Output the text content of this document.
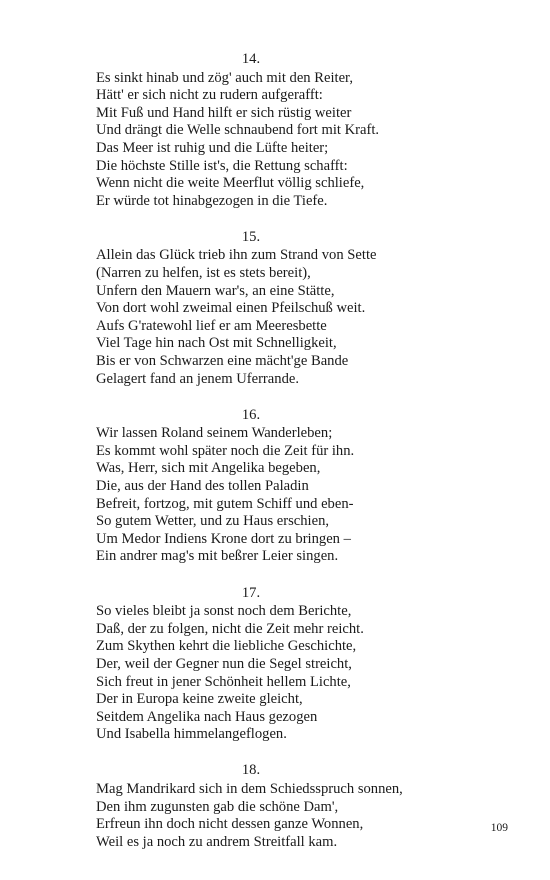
14.
Es sinkt hinab und zög' auch mit den Reiter,
Hätt' er sich nicht zu rudern aufgerafft:
Mit Fuß und Hand hilft er sich rüstig weiter
Und drängt die Welle schnaubend fort mit Kraft.
Das Meer ist ruhig und die Lüfte heiter;
Die höchste Stille ist's, die Rettung schafft:
Wenn nicht die weite Meerflut völlig schliefe,
Er würde tot hinabgezogen in die Tiefe.
15.
Allein das Glück trieb ihn zum Strand von Sette
(Narren zu helfen, ist es stets bereit),
Unfern den Mauern war's, an eine Stätte,
Von dort wohl zweimal einen Pfeilschuß weit.
Aufs G'ratewohl lief er am Meeresbette
Viel Tage hin nach Ost mit Schnelligkeit,
Bis er von Schwarzen eine mächt'ge Bande
Gelagert fand an jenem Uferrande.
16.
Wir lassen Roland seinem Wanderleben;
Es kommt wohl später noch die Zeit für ihn.
Was, Herr, sich mit Angelika begeben,
Die, aus der Hand des tollen Paladin
Befreit, fortzog, mit gutem Schiff und eben-
So gutem Wetter, und zu Haus erschien,
Um Medor Indiens Krone dort zu bringen –
Ein andrer mag's mit beßrer Leier singen.
17.
So vieles bleibt ja sonst noch dem Berichte,
Daß, der zu folgen, nicht die Zeit mehr reicht.
Zum Skythen kehrt die liebliche Geschichte,
Der, weil der Gegner nun die Segel streicht,
Sich freut in jener Schönheit hellem Lichte,
Der in Europa keine zweite gleicht,
Seitdem Angelika nach Haus gezogen
Und Isabella himmelangeflogen.
18.
Mag Mandrikard sich in dem Schiedsspruch sonnen,
Den ihm zugunsten gab die schöne Dam',
Erfreun ihn doch nicht dessen ganze Wonnen,
Weil es ja noch zu andrem Streitfall kam.
109
